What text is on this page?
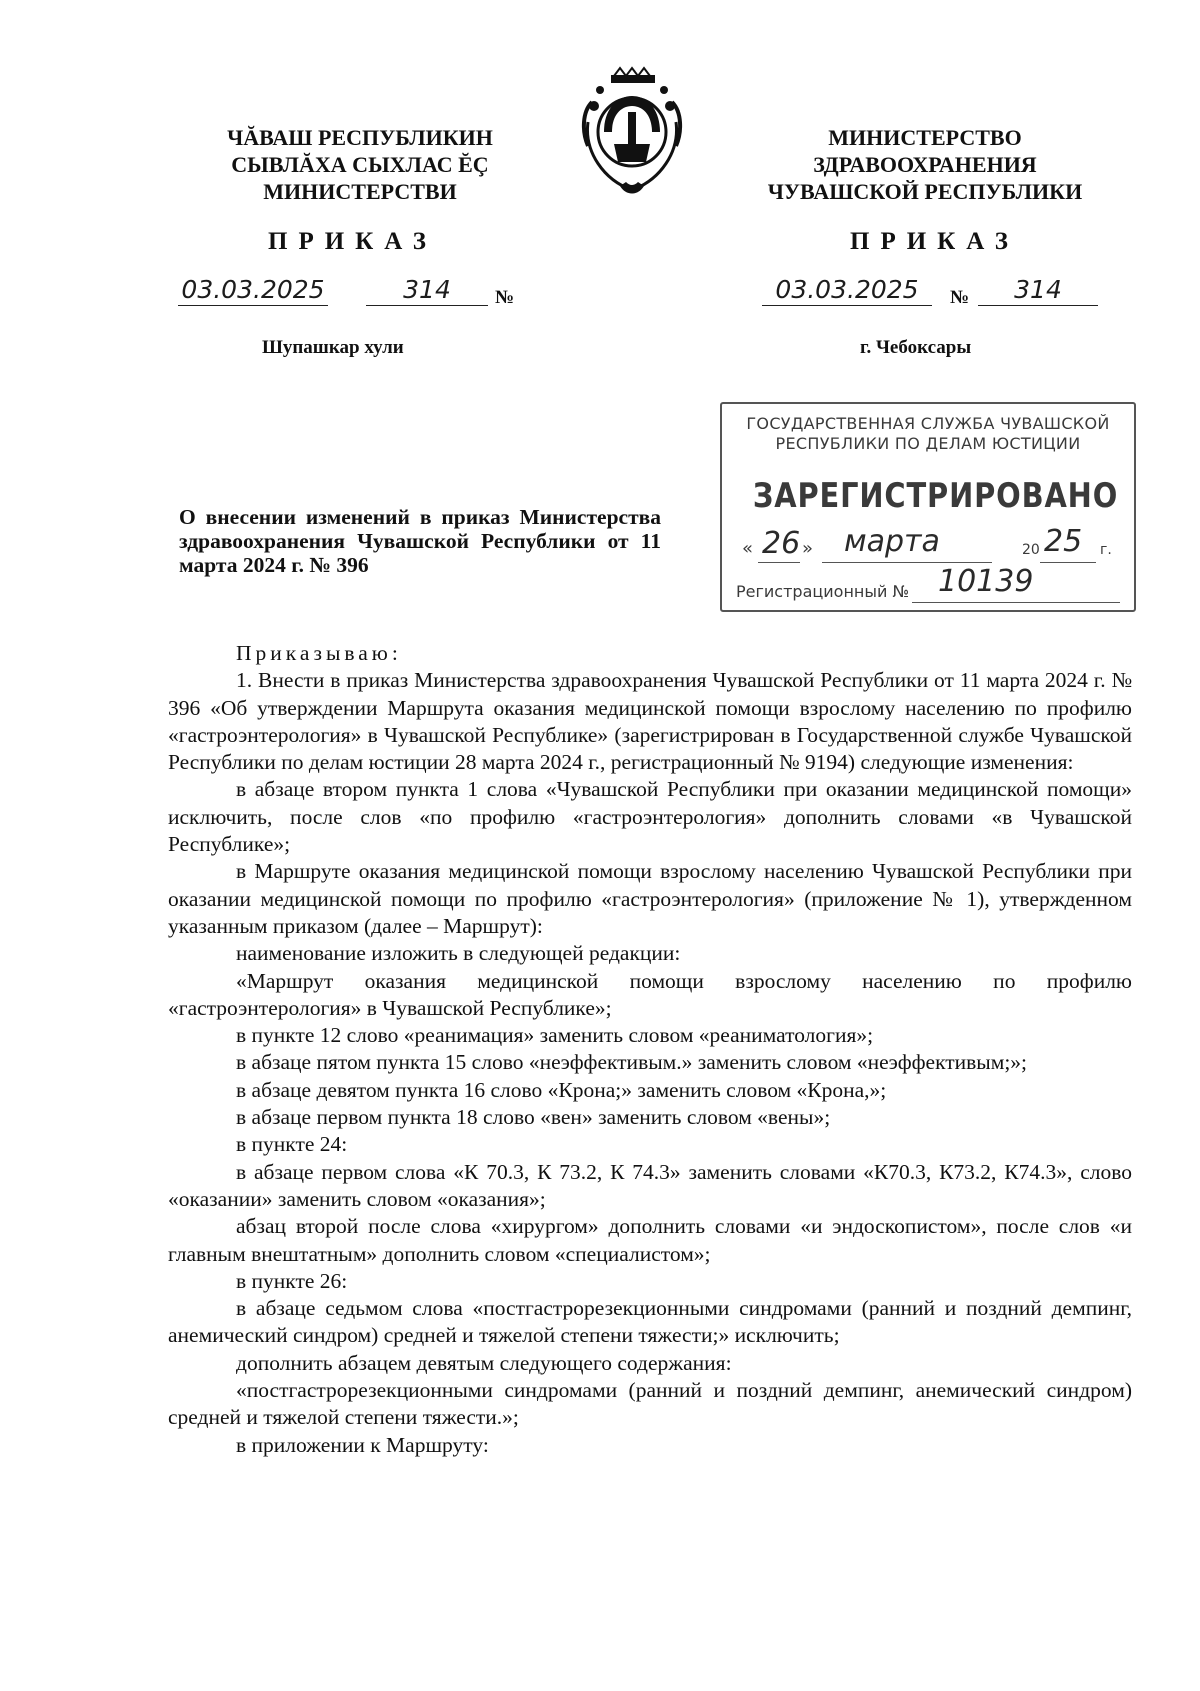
ЧĂВАШ РЕСПУБЛИКИН
СЫВЛĂХА СЫХЛАС ĔÇ
МИНИСТЕРСТВИ
МИНИСТЕРСТВО
ЗДРАВООХРАНЕНИЯ
ЧУВАШСКОЙ РЕСПУБЛИКИ
ПРИКАЗ	ПРИКАЗ
03.03.2025	314	№	03.03.2025	№	314
Шупашкар хули	г. Чебоксары
ГОСУДАРСТВЕННАЯ СЛУЖБА ЧУВАШСКОЙ
РЕСПУБЛИКИ ПО ДЕЛАМ ЮСТИЦИИ
ЗАРЕГИСТРИРОВАНО
« 26 » марта	20 25 г.
Регистрационный № 10139
О внесении изменений в приказ Министерства здравоохранения Чувашской Республики от 11 марта 2024 г. № 396

Приказываю:

1. Внести в приказ Министерства здравоохранения Чувашской Республики от 11 марта 2024 г. № 396 «Об утверждении Маршрута оказания медицинской помощи взрослому населению по профилю «гастроэнтерология» в Чувашской Республике» (зарегистрирован в Государственной службе Чувашской Республики по делам юстиции 28 марта 2024 г., регистрационный № 9194) следующие изменения:

в абзаце втором пункта 1 слова «Чувашской Республики при оказании медицинской помощи» исключить, после слов «по профилю «гастроэнтерология» дополнить словами «в Чувашской Республике»;

в Маршруте оказания медицинской помощи взрослому населению Чувашской Республики при оказании медицинской помощи по профилю «гастроэнтерология» (приложение № 1), утвержденном указанным приказом (далее – Маршрут):

наименование изложить в следующей редакции:

«Маршрут оказания медицинской помощи взрослому населению по профилю «гастроэнтерология» в Чувашской Республике»;

в пункте 12 слово «реанимация» заменить словом «реаниматология»;

в абзаце пятом пункта 15 слово «неэффективым.» заменить словом «неэффективым;»;

в абзаце девятом пункта 16 слово «Крона;» заменить словом «Крона,»;

в абзаце первом пункта 18 слово «вен» заменить словом «вены»;

в пункте 24:

в абзаце первом слова «К 70.3, К 73.2, К 74.3» заменить словами «К70.3, К73.2, К74.3», слово «оказании» заменить словом «оказания»;

абзац второй после слова «хирургом» дополнить словами «и эндоскопистом», после слов «и главным внештатным» дополнить словом «специалистом»;

в пункте 26:

в абзаце седьмом слова «постгастрорезекционными синдромами (ранний и поздний демпинг, анемический синдром) средней и тяжелой степени тяжести;» исключить;

дополнить абзацем девятым следующего содержания:

«постгастрорезекционными синдромами (ранний и поздний демпинг, анемический синдром) средней и тяжелой степени тяжести.»;

в приложении к Маршруту:
